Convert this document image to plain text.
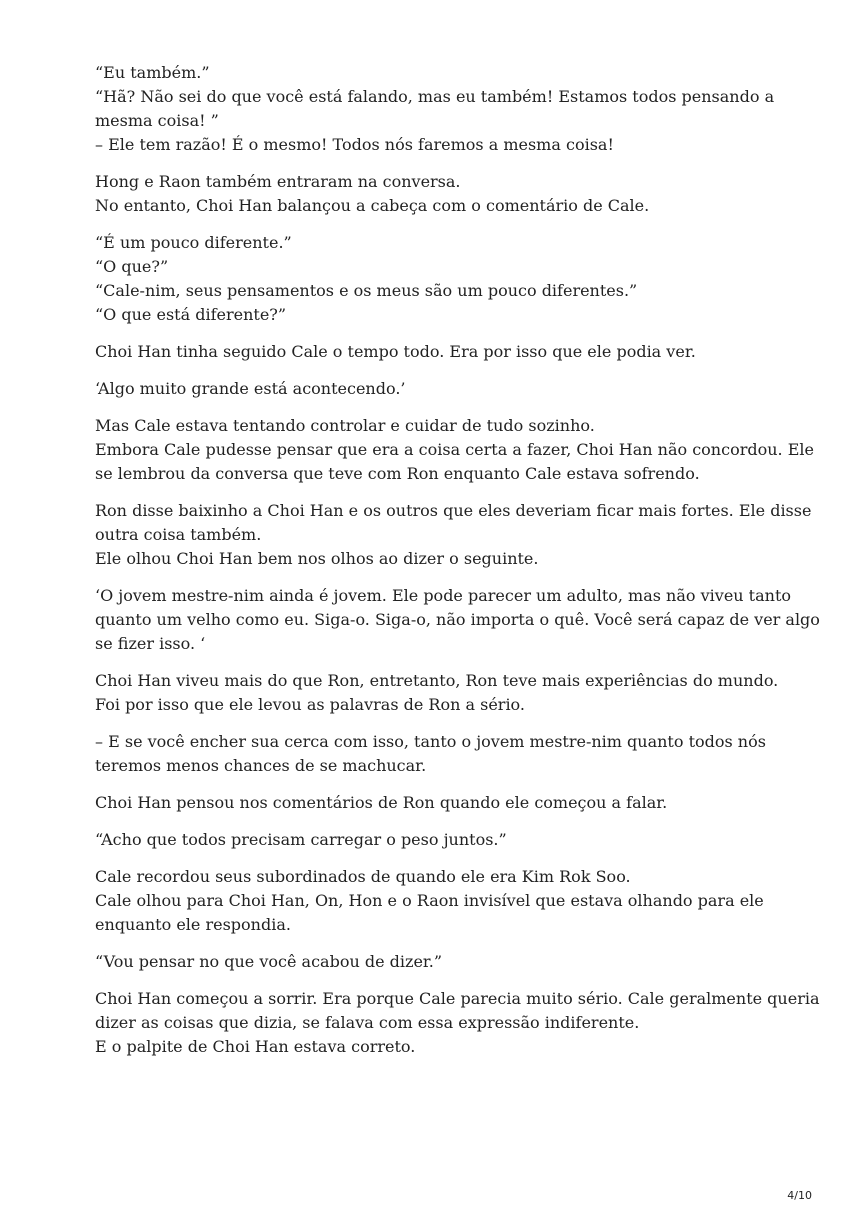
“Eu também.”
“Hã? Não sei do que você está falando, mas eu também! Estamos todos pensando a
mesma coisa! ”
– Ele tem razão! É o mesmo! Todos nós faremos a mesma coisa!

Hong e Raon também entraram na conversa.
No entanto, Choi Han balançou a cabeça com o comentário de Cale.

“É um pouco diferente.”
“O que?”
“Cale-nim, seus pensamentos e os meus são um pouco diferentes.”
“O que está diferente?”

Choi Han tinha seguido Cale o tempo todo. Era por isso que ele podia ver.

‘Algo muito grande está acontecendo.’

Mas Cale estava tentando controlar e cuidar de tudo sozinho.
Embora Cale pudesse pensar que era a coisa certa a fazer, Choi Han não concordou. Ele
se lembrou da conversa que teve com Ron enquanto Cale estava sofrendo.

Ron disse baixinho a Choi Han e os outros que eles deveriam ficar mais fortes. Ele disse
outra coisa também.
Ele olhou Choi Han bem nos olhos ao dizer o seguinte.

‘O jovem mestre-nim ainda é jovem. Ele pode parecer um adulto, mas não viveu tanto
quanto um velho como eu. Siga-o. Siga-o, não importa o quê. Você será capaz de ver algo
se fizer isso. ‘

Choi Han viveu mais do que Ron, entretanto, Ron teve mais experiências do mundo.
Foi por isso que ele levou as palavras de Ron a sério.

– E se você encher sua cerca com isso, tanto o jovem mestre-nim quanto todos nós
teremos menos chances de se machucar.

Choi Han pensou nos comentários de Ron quando ele começou a falar.

“Acho que todos precisam carregar o peso juntos.”

Cale recordou seus subordinados de quando ele era Kim Rok Soo.
Cale olhou para Choi Han, On, Hon e o Raon invisível que estava olhando para ele
enquanto ele respondia.

“Vou pensar no que você acabou de dizer.”

Choi Han começou a sorrir. Era porque Cale parecia muito sério. Cale geralmente queria
dizer as coisas que dizia, se falava com essa expressão indiferente.
E o palpite de Choi Han estava correto.

4/10
